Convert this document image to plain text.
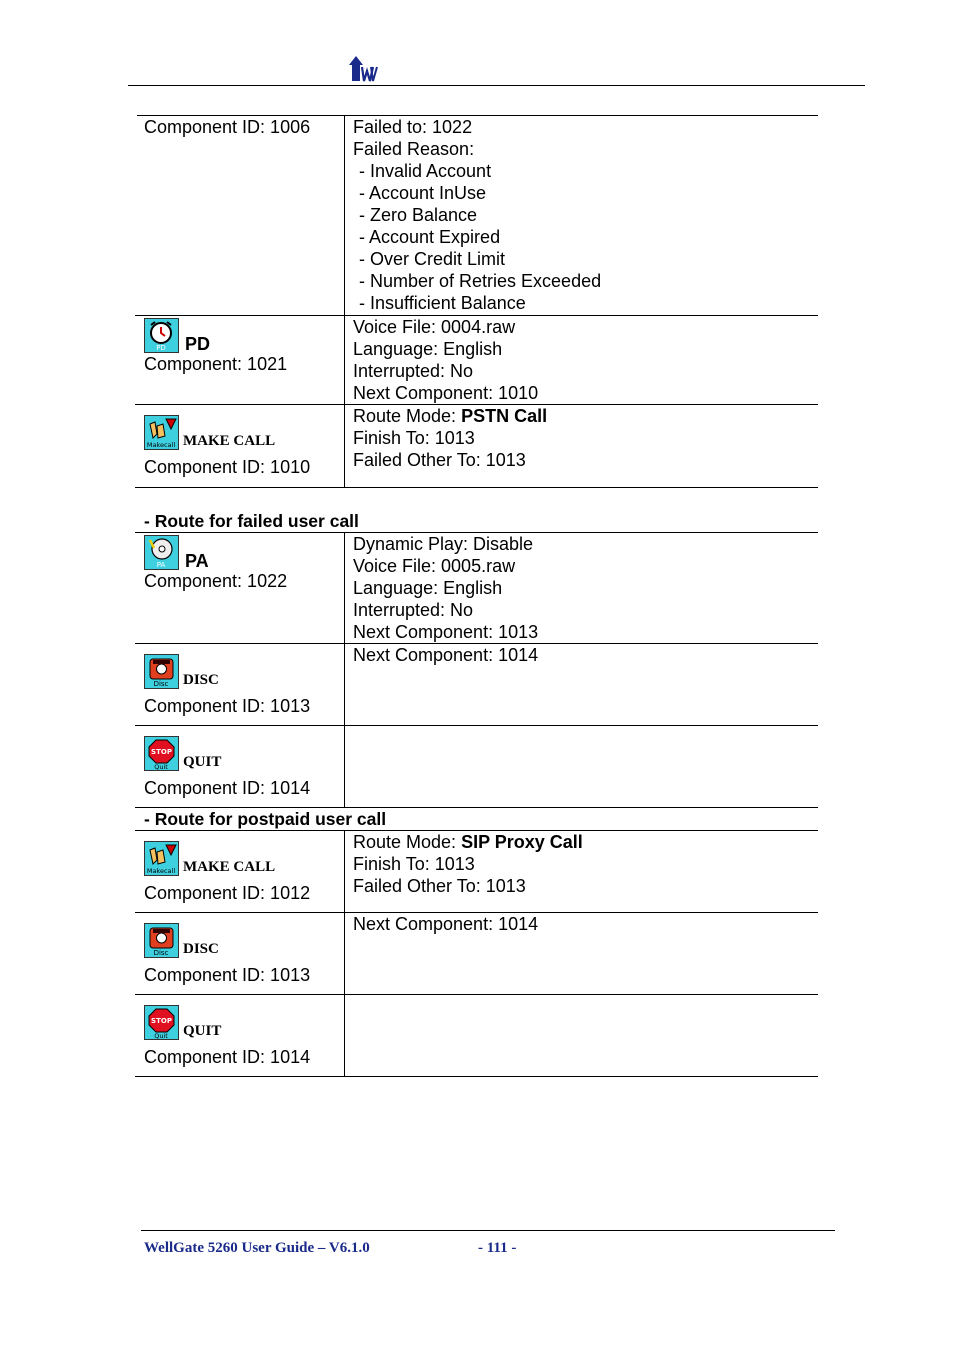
Component ID: 1006	Failed to: 1022
Failed Reason:
- Invalid Account
- Account InUse
- Zero Balance
- Account Expired
- Over Credit Limit
- Number of Retries Exceeded
- Insufficient Balance
PD PD
Component: 1021
Voice File: 0004.raw
Language: English
Interrupted: No
Next Component: 1010
Makecall MAKE CALL
Component ID: 1010
Route Mode: PSTN Call
Finish To: 1013
Failed Other To: 1013
- Route for failed user call
PA PA
Component: 1022
Dynamic Play: Disable
Voice File: 0005.raw
Language: English
Interrupted: No
Next Component: 1013
Disc DISC
Component ID: 1013
Next Component: 1014
STOP
Quit QUIT
Component ID: 1014
- Route for postpaid user call
Makecall MAKE CALL
Component ID: 1012
Route Mode: SIP Proxy Call
Finish To: 1013
Failed Other To: 1013
Disc DISC
Component ID: 1013
Next Component: 1014
STOP
Quit QUIT
Component ID: 1014
WellGate 5260 User Guide – V6.1.0	- 111 -
